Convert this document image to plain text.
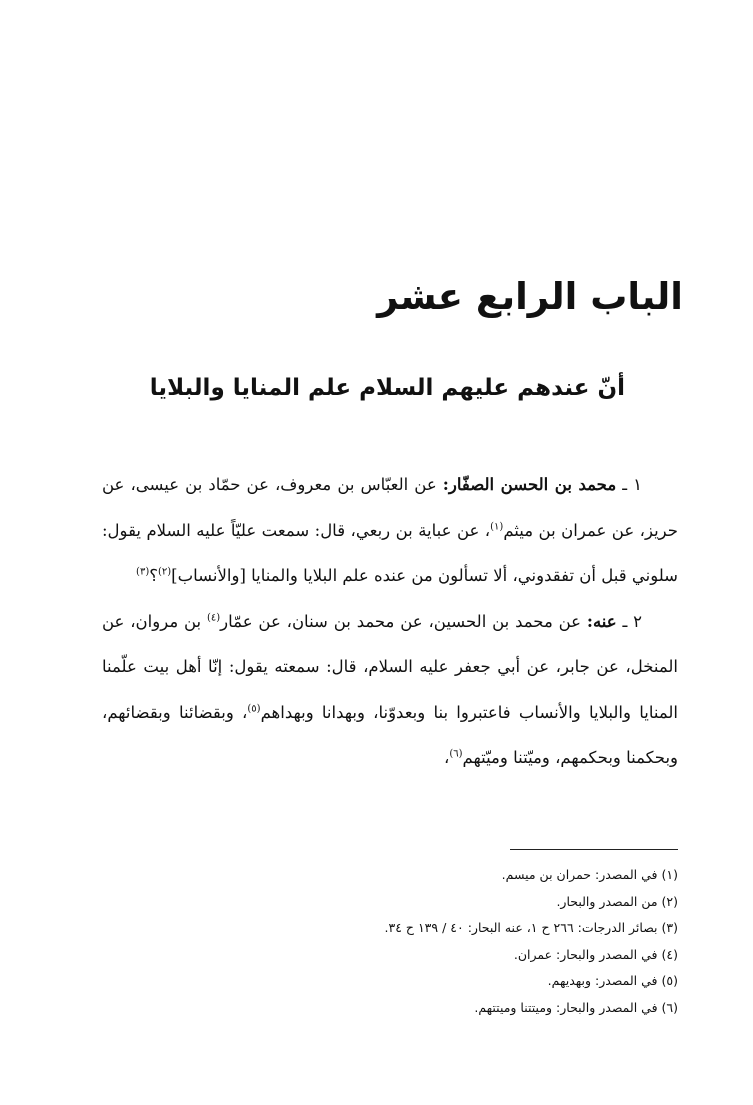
الباب الرابع عشر
أنّ عندهم عليهم السلام علم المنايا والبلايا

١ ـ محمد بن الحسن الصفّار: عن العبّاس بن معروف، عن حمّاد بن عيسى، عن حريز، عن عمران بن ميثم$^{(١)}$، عن عباية بن ربعي، قال: سمعت عليّاً عليه السلام يقول: سلوني قبل أن تفقدوني، ألا تسألون من عنده علم البلايا والمنايا [والأنساب]$^{(٢)}$؟$^{(٣)}$

٢ ـ عنه: عن محمد بن الحسين، عن محمد بن سنان، عن عمّار$^{(٤)}$ بن مروان، عن المنخل، عن جابر، عن أبي جعفر عليه السلام، قال: سمعته يقول: إنّا أهل بيت علّمنا المنايا والبلايا والأنساب فاعتبروا بنا وبعدوّنا، وبهدانا وبهداهم$^{(٥)}$، وبقضائنا وبقضائهم، وبحكمنا وبحكمهم، وميّتنا وميّتهم$^{(٦)}$،

(١) في المصدر: حمران بن ميسم.
(٢) من المصدر والبحار.
(٣) بصائر الدرجات: ٢٦٦ ح ١، عنه البحار: ٤٠ / ١٣٩ ح ٣٤.
(٤) في المصدر والبحار: عمران.
(٥) في المصدر: وبهديهم.
(٦) في المصدر والبحار: وميتتنا وميتتهم.
